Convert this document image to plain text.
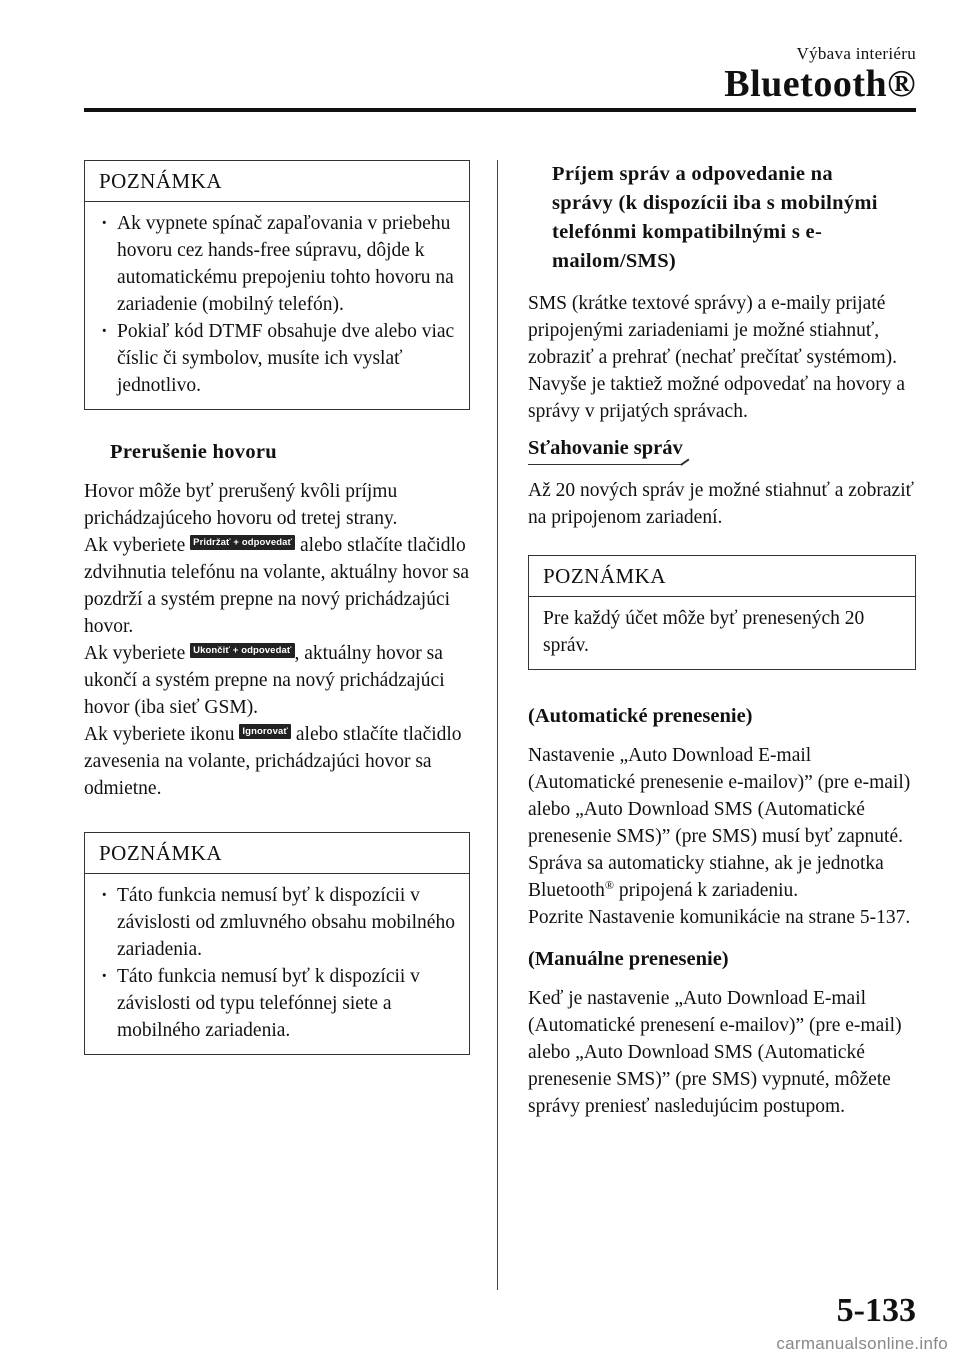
Výbava interiéru
Bluetooth®
POZNÁMKA
· Ak vypnete spínač zapaľovania v priebehu hovoru cez hands-free súpravu, dôjde k automatickému prepojeniu tohto hovoru na zariadenie (mobilný telefón).
· Pokiaľ kód DTMF obsahuje dve alebo viac číslic či symbolov, musíte ich vyslať jednotlivo.
Prerušenie hovoru
Hovor môže byť prerušený kvôli príjmu prichádzajúceho hovoru od tretej strany.
Ak vyberiete Pridržať + odpovedať alebo stlačíte tlačidlo zdvihnutia telefónu na volante, aktuálny hovor sa pozdrží a systém prepne na nový prichádzajúci hovor.
Ak vyberiete Ukončiť + odpovedať , aktuálny hovor sa ukončí a systém prepne na nový prichádzajúci hovor (iba sieť GSM).
Ak vyberiete ikonu Ignorovať alebo stlačíte tlačidlo zavesenia na volante, prichádzajúci hovor sa odmietne.
POZNÁMKA
· Táto funkcia nemusí byť k dispozícii v závislosti od zmluvného obsahu mobilného zariadenia.
· Táto funkcia nemusí byť k dispozícii v závislosti od typu telefónnej siete a mobilného zariadenia.
Príjem správ a odpovedanie na správy (k dispozícii iba s mobilnými telefónmi kompatibilnými s e-mailom/SMS)
SMS (krátke textové správy) a e-maily prijaté pripojenými zariadeniami je možné stiahnuť, zobraziť a prehrať (nechať prečítať systémom).
Navyše je taktiež možné odpovedať na hovory a správy v prijatých správach.
Sťahovanie správ
Až 20 nových správ je možné stiahnuť a zobraziť na pripojenom zariadení.
POZNÁMKA
Pre každý účet môže byť prenesených 20 správ.
(Automatické prenesenie)
Nastavenie „Auto Download E-mail (Automatické prenesenie e-mailov)” (pre e-mail) alebo „Auto Download SMS (Automatické prenesenie SMS)” (pre SMS) musí byť zapnuté. Správa sa automaticky stiahne, ak je jednotka Bluetooth® pripojená k zariadeniu.
Pozrite Nastavenie komunikácie na strane 5-137.
(Manuálne prenesenie)
Keď je nastavenie „Auto Download E-mail (Automatické prenesení e-mailov)” (pre e-mail) alebo „Auto Download SMS (Automatické prenesenie SMS)” (pre SMS) vypnuté, môžete správy preniesť nasledujúcim postupom.
5-133
carmanualsonline.info
